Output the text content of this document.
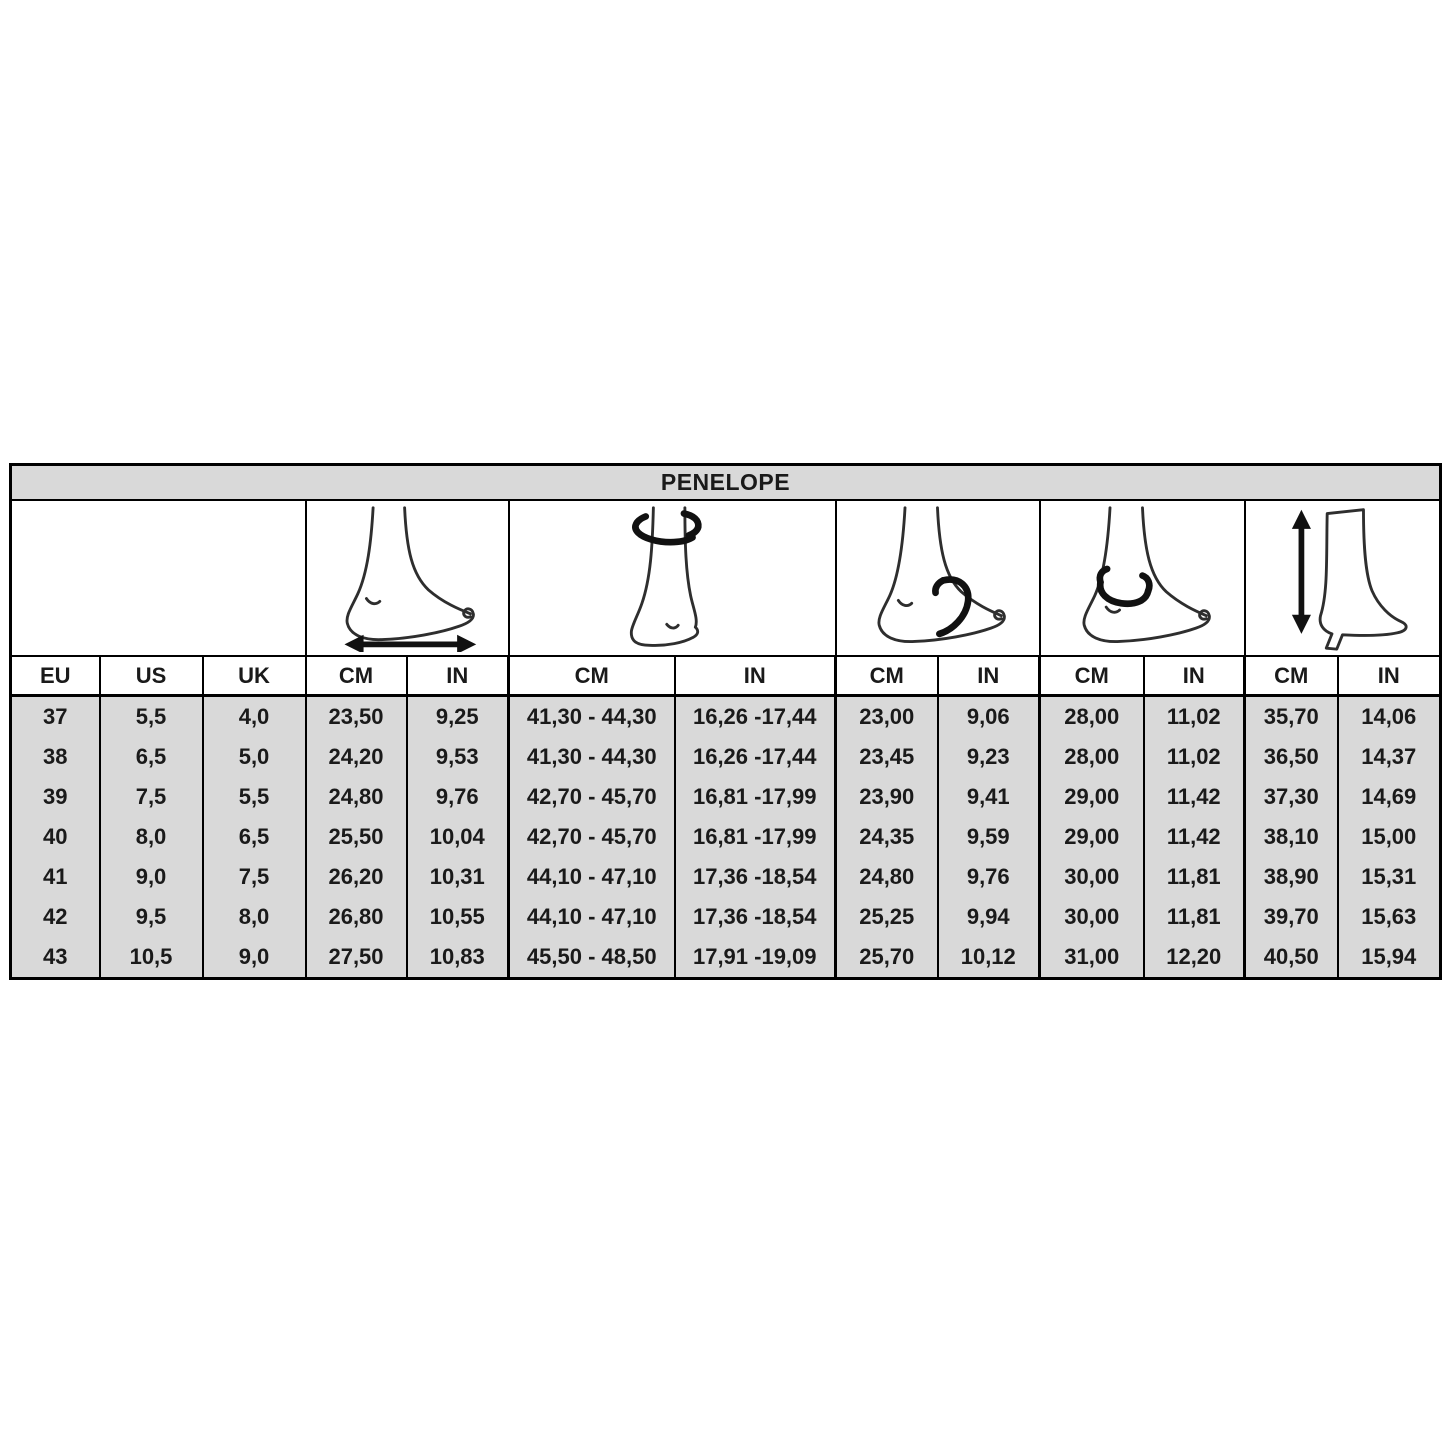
PENELOPE												

EU	US	UK	CM	IN	CM	IN	CM	IN	CM	IN	CM	IN
37	5,5	4,0	23,50	9,25	41,30 - 44,30	16,26 -17,44	23,00	9,06	28,00	11,02	35,70	14,06
38	6,5	5,0	24,20	9,53	41,30 - 44,30	16,26 -17,44	23,45	9,23	28,00	11,02	36,50	14,37
39	7,5	5,5	24,80	9,76	42,70 - 45,70	16,81 -17,99	23,90	9,41	29,00	11,42	37,30	14,69
40	8,0	6,5	25,50	10,04	42,70 - 45,70	16,81 -17,99	24,35	9,59	29,00	11,42	38,10	15,00
41	9,0	7,5	26,20	10,31	44,10 - 47,10	17,36 -18,54	24,80	9,76	30,00	11,81	38,90	15,31
42	9,5	8,0	26,80	10,55	44,10 - 47,10	17,36 -18,54	25,25	9,94	30,00	11,81	39,70	15,63
43	10,5	9,0	27,50	10,83	45,50 - 48,50	17,91 -19,09	25,70	10,12	31,00	12,20	40,50	15,94
